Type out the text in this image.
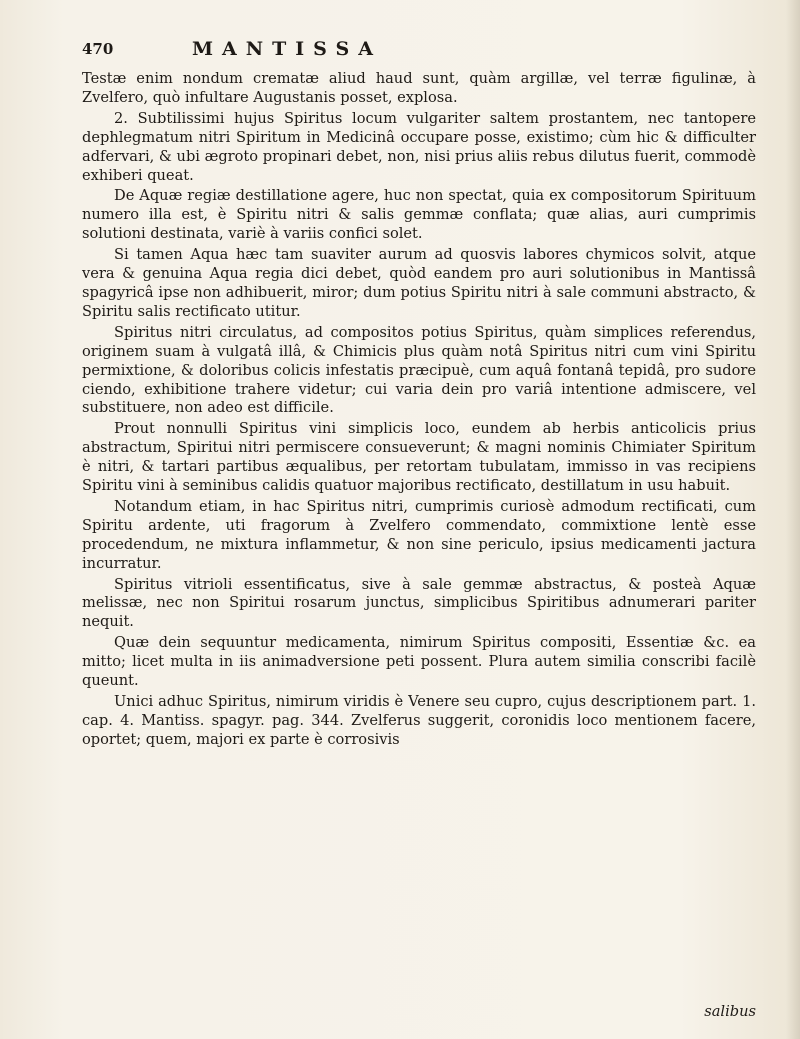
470	MANTISSA

Testæ enim nondum crematæ aliud haud sunt, quàm argillæ, vel terræ figulinæ, à Zvelfero, quò infultare Augustanis posset, explosa.

2. Subtilissimi hujus Spiritus locum vulgariter saltem prostantem, nec tantopere dephlegmatum nitri Spiritum in Medicinâ occupare posse, existimo; cùm hic & difficulter adfervari, & ubi ægroto propinari debet, non, nisi prius aliis rebus dilutus fuerit, commodè exhiberi queat.

De Aquæ regiæ destillatione agere, huc non spectat, quia ex compositorum Spirituum numero illa est, è Spiritu nitri & salis gemmæ conflata; quæ alias, auri cumprimis solutioni destinata, variè à variis confici solet.

Si tamen Aqua hæc tam suaviter aurum ad quosvis labores chymicos solvit, atque vera & genuina Aqua regia dici debet, quòd eandem pro auri solutionibus in Mantissâ spagyricâ ipse non adhibuerit, miror; dum potius Spiritu nitri à sale communi abstracto, & Spiritu salis rectificato utitur.

Spiritus nitri circulatus, ad compositos potius Spiritus, quàm simplices referendus, originem suam à vulgatâ illâ, & Chimicis plus quàm notâ Spiritus nitri cum vini Spiritu permixtione, & doloribus colicis infestatis præcipuè, cum aquâ fontanâ tepidâ, pro sudore ciendo, exhibitione trahere videtur; cui varia dein pro variâ intentione admiscere, vel substituere, non adeo est difficile.

Prout nonnulli Spiritus vini simplicis loco, eundem ab herbis anticolicis prius abstractum, Spiritui nitri permiscere consueverunt; & magni nominis Chimiater Spiritum è nitri, & tartari partibus æqualibus, per retortam tubulatam, immisso in vas recipiens Spiritu vini à seminibus calidis quatuor majoribus rectificato, destillatum in usu habuit.

Notandum etiam, in hac Spiritus nitri, cumprimis curiosè admodum rectificati, cum Spiritu ardente, uti fragorum à Zvelfero commendato, commixtione lentè esse procedendum, ne mixtura inflammetur, & non sine periculo, ipsius medicamenti jactura incurratur.

Spiritus vitrioli essentificatus, sive à sale gemmæ abstractus, & posteà Aquæ melissæ, nec non Spiritui rosarum junctus, simplicibus Spiritibus adnumerari pariter nequit.

Quæ dein sequuntur medicamenta, nimirum Spiritus compositi, Essentiæ &c. ea mitto; licet multa in iis animadversione peti possent. Plura autem similia conscribi facilè queunt.

Unici adhuc Spiritus, nimirum viridis è Venere seu cupro, cujus descriptionem part. 1. cap. 4. Mantiss. spagyr. pag. 344. Zvelferus suggerit, coronidis loco mentionem facere, oportet; quem, majori ex parte è corrosivis

salibus
